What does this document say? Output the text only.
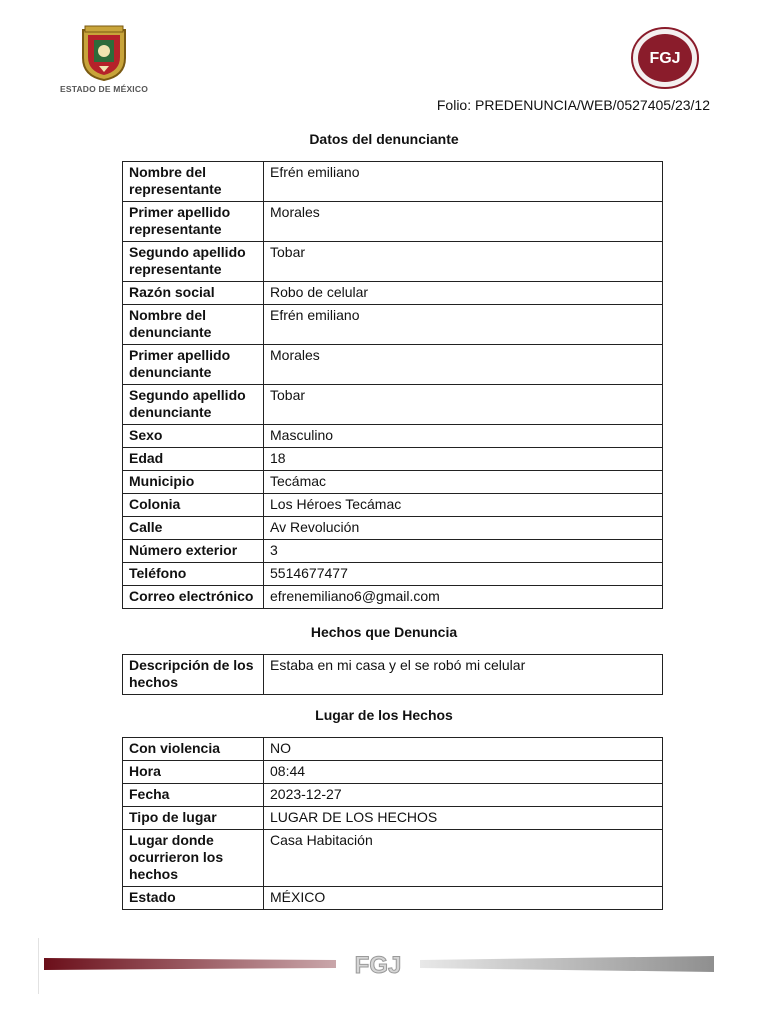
ESTADO DE MÉXICO
FGJ
Folio: PREDENUNCIA/WEB/0527405/23/12
Datos del denunciante
Nombre del representante	Efrén emiliano
Primer apellido representante	Morales
Segundo apellido representante	Tobar
Razón social	Robo de celular
Nombre del denunciante	Efrén emiliano
Primer apellido denunciante	Morales
Segundo apellido denunciante	Tobar
Sexo	Masculino
Edad	18
Municipio	Tecámac
Colonia	Los Héroes Tecámac
Calle	Av Revolución
Número exterior	3
Teléfono	5514677477
Correo electrónico	efrenemiliano6@gmail.com
Hechos que Denuncia
Descripción de los hechos	Estaba en mi casa y el se robó mi celular
Lugar de los Hechos
Con violencia	NO
Hora	08:44
Fecha	2023-12-27
Tipo de lugar	LUGAR DE LOS HECHOS
Lugar donde ocurrieron los hechos	Casa Habitación
Estado	MÉXICO
FGJ
